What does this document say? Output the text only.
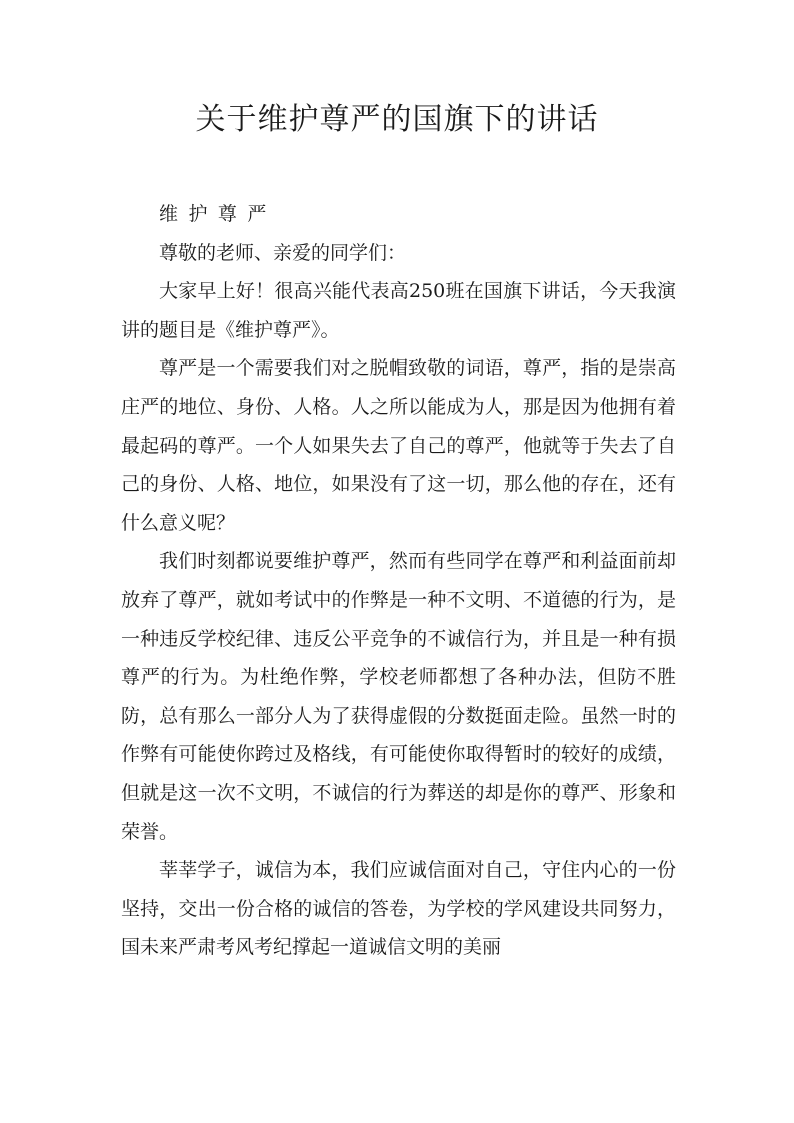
关于维护尊严的国旗下的讲话

维护尊严

尊敬的老师、亲爱的同学们：

大家早上好！很高兴能代表高250班在国旗下讲话，今天我演讲的题目是《维护尊严》。

尊严是一个需要我们对之脱帽致敬的词语，尊严，指的是崇高庄严的地位、身份、人格。人之所以能成为人，那是因为他拥有着最起码的尊严。一个人如果失去了自己的尊严，他就等于失去了自己的身份、人格、地位，如果没有了这一切，那么他的存在，还有什么意义呢？

我们时刻都说要维护尊严，然而有些同学在尊严和利益面前却放弃了尊严，就如考试中的作弊是一种不文明、不道德的行为，是一种违反学校纪律、违反公平竞争的不诚信行为，并且是一种有损尊严的行为。为杜绝作弊，学校老师都想了各种办法，但防不胜防，总有那么一部分人为了获得虚假的分数挺面走险。虽然一时的作弊有可能使你跨过及格线，有可能使你取得暂时的较好的成绩，但就是这一次不文明，不诚信的行为葬送的却是你的尊严、形象和荣誉。

莘莘学子，诚信为本，我们应诚信面对自己，守住内心的一份坚持，交出一份合格的诚信的答卷，为学校的学风建设共同努力，国未来严肃考风考纪撑起一道诚信文明的美丽
